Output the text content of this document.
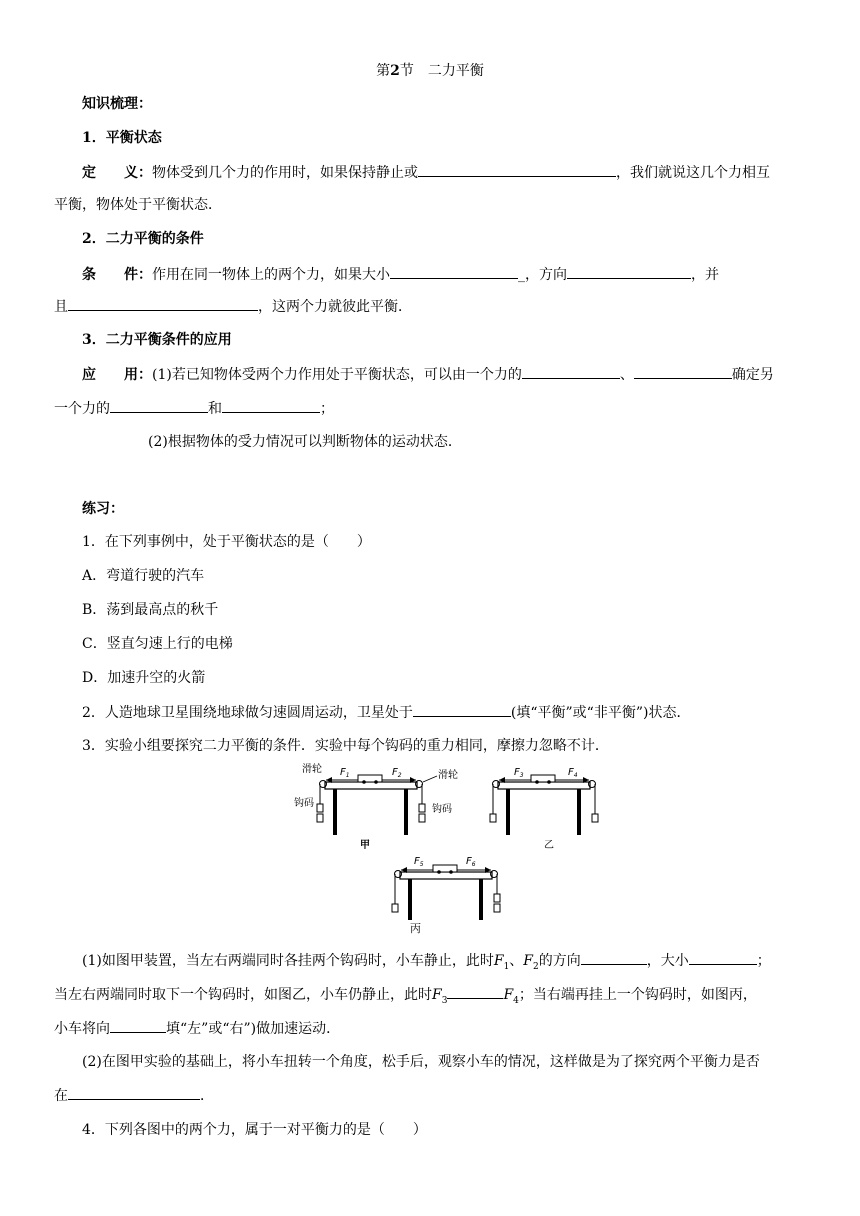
第2节　二力平衡
知识梳理：
1．平衡状态
定　　义：物体受到几个力的作用时，如果保持静止或	，我们就说这几个力相互
平衡，物体处于平衡状态．
2．二力平衡的条件
条　　件：作用在同一物体上的两个力，如果大小	_，方向	，并
且	，这两个力就彼此平衡．
3．二力平衡条件的应用
应　　用：(1)若已知物体受两个力作用处于平衡状态，可以由一个力的	、	确定另
一个力的	和	；
(2)根据物体的受力情况可以判断物体的运动状态．
练习：
1．在下列事例中，处于平衡状态的是（　　）
A．弯道行驶的汽车
B．荡到最高点的秋千
C．竖直匀速上行的电梯
D．加速升空的火箭
2．人造地球卫星围绕地球做匀速圆周运动，卫星处于	(填“平衡”或“非平衡”)状态．
3．实验小组要探究二力平衡的条件．实验中每个钩码的重力相同，摩擦力忽略不计．
滑轮
滑轮
钩码
钩码
$F_1$	$F_2$
甲
$F_3$	$F_4$
乙
$F_5$	$F_6$
丙
(1)如图甲装置，当左右两端同时各挂两个钩码时，小车静止，此时$F_1$、$F_2$的方向	，大小	；
当左右两端同时取下一个钩码时，如图乙，小车仍静止，此时$F_3$	$F_4$；当右端再挂上一个钩码时，如图丙，
小车将向	填“左”或“右”)做加速运动．
(2)在图甲实验的基础上，将小车扭转一个角度，松手后，观察小车的情况，这样做是为了探究两个平衡力是否
在	．
4．下列各图中的两个力，属于一对平衡力的是（　　）
